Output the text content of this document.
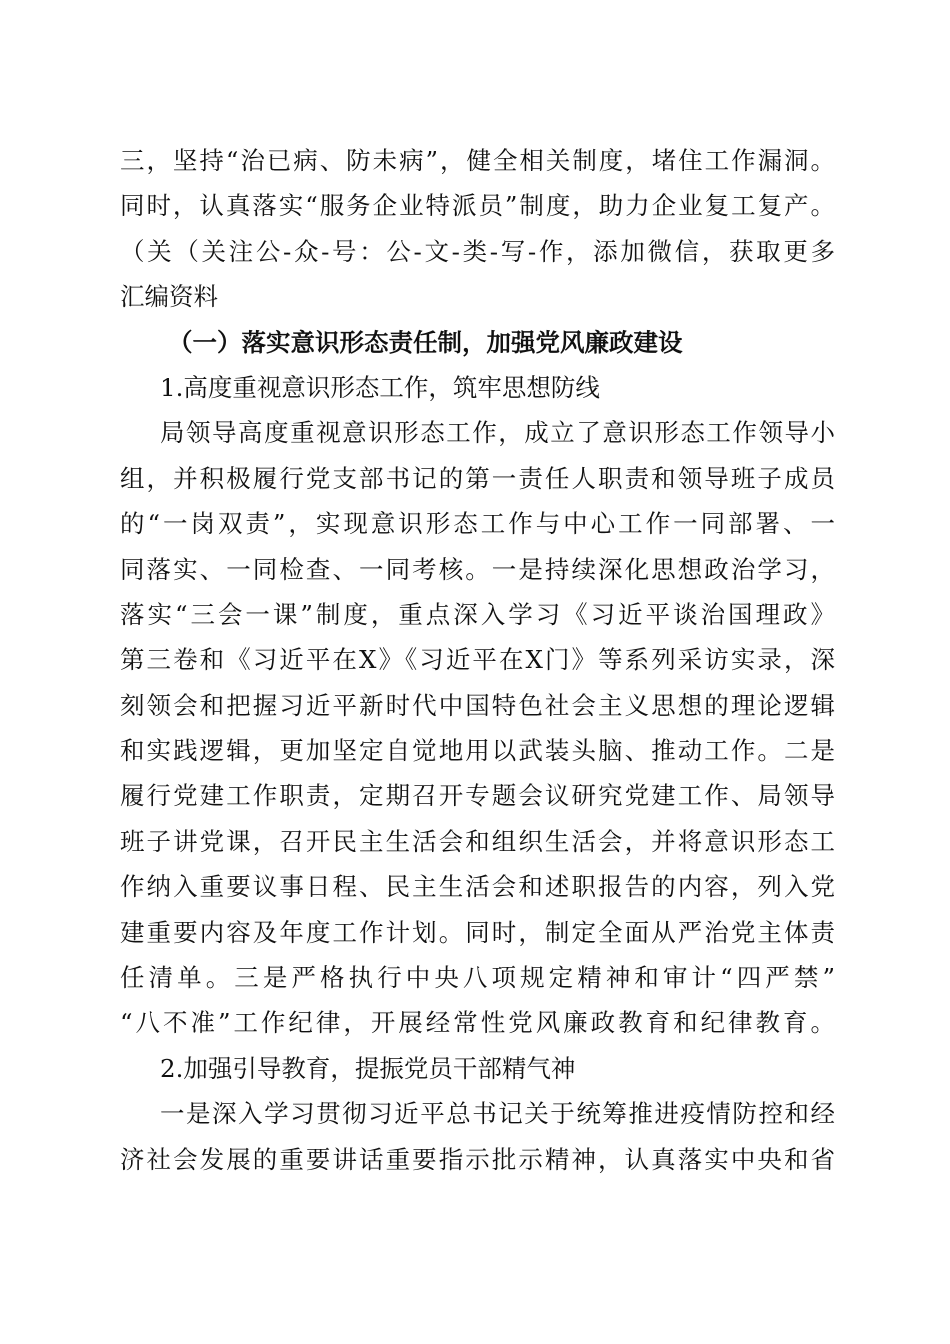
三，坚持“治已病、防未病”，健全相关制度，堵住工作漏洞。
同时，认真落实“服务企业特派员”制度，助力企业复工复产。
（关（关注公-众-号：公-文-类-写-作，添加微信，获取更多
汇编资料
（一）落实意识形态责任制，加强党风廉政建设
1.高度重视意识形态工作，筑牢思想防线
局领导高度重视意识形态工作，成立了意识形态工作领导小
组，并积极履行党支部书记的第一责任人职责和领导班子成员
的“一岗双责”，实现意识形态工作与中心工作一同部署、一
同落实、一同检查、一同考核。一是持续深化思想政治学习，
落实“三会一课”制度，重点深入学习《习近平谈治国理政》
第三卷和《习近平在X》《习近平在X门》等系列采访实录，深
刻领会和把握习近平新时代中国特色社会主义思想的理论逻辑
和实践逻辑，更加坚定自觉地用以武装头脑、推动工作。二是
履行党建工作职责，定期召开专题会议研究党建工作、局领导
班子讲党课，召开民主生活会和组织生活会，并将意识形态工
作纳入重要议事日程、民主生活会和述职报告的内容，列入党
建重要内容及年度工作计划。同时，制定全面从严治党主体责
任清单。三是严格执行中央八项规定精神和审计“四严禁”
“八不准”工作纪律，开展经常性党风廉政教育和纪律教育。
2.加强引导教育，提振党员干部精气神
一是深入学习贯彻习近平总书记关于统筹推进疫情防控和经
济社会发展的重要讲话重要指示批示精神，认真落实中央和省
